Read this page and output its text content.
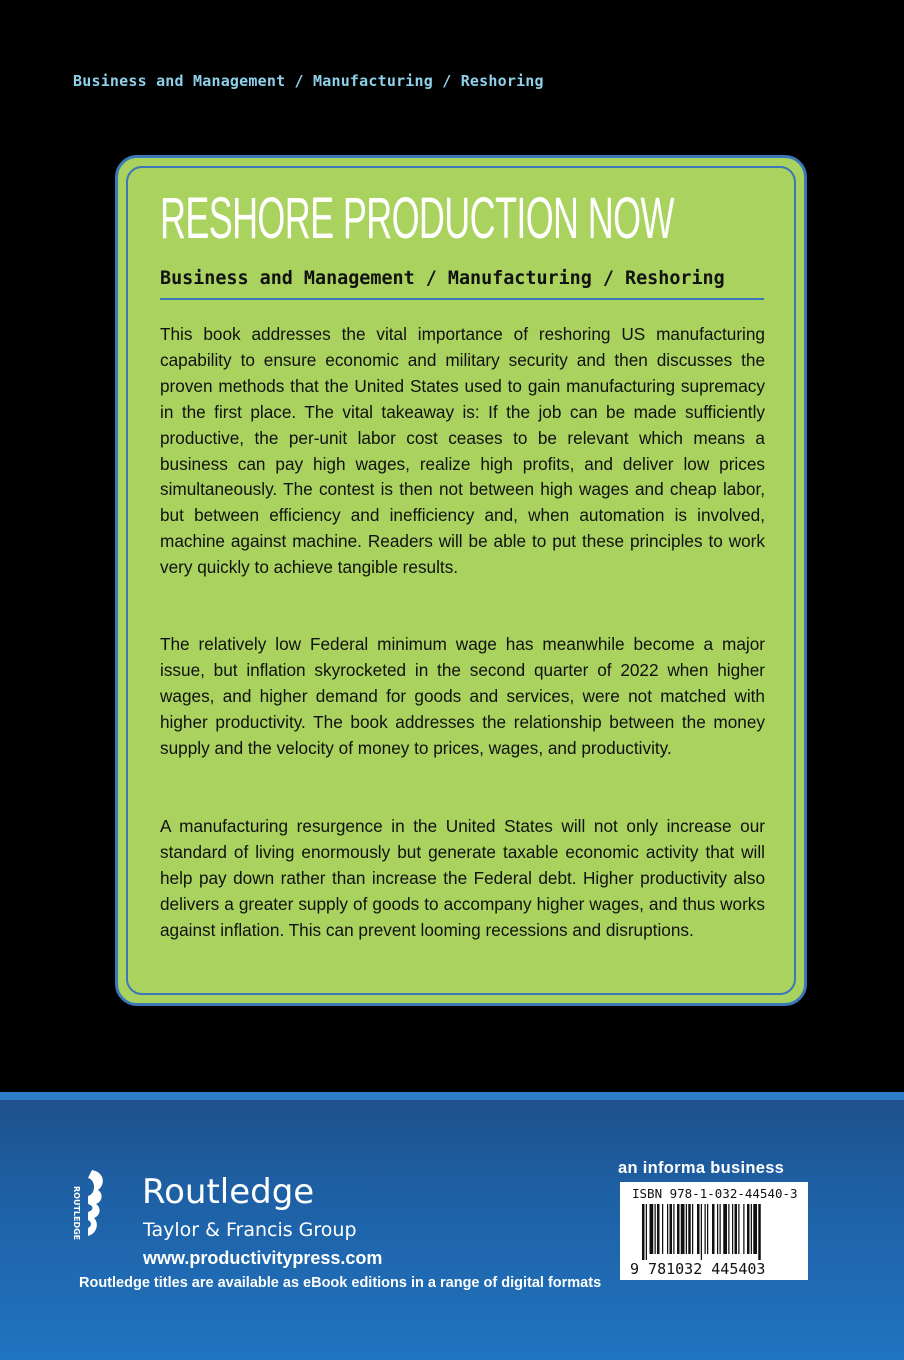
Business and Management / Manufacturing / Reshoring
RESHORE PRODUCTION NOW
Business and Management / Manufacturing / Reshoring

This book addresses the vital importance of reshoring US manufacturing capability to ensure economic and military security and then discusses the proven methods that the United States used to gain manufacturing supremacy in the first place. The vital takeaway is: If the job can be made sufficiently productive, the per-unit labor cost ceases to be relevant which means a business can pay high wages, realize high profits, and deliver low prices simultaneously. The contest is then not between high wages and cheap labor, but between efficiency and inefficiency and, when automation is involved, machine against machine. Readers will be able to put these principles to work very quickly to achieve tangible results.

The relatively low Federal minimum wage has meanwhile become a major issue, but inflation skyrocketed in the second quarter of 2022 when higher wages, and higher demand for goods and services, were not matched with higher productivity. The book addresses the relationship between the money supply and the velocity of money to prices, wages, and productivity.

A manufacturing resurgence in the United States will not only increase our standard of living enormously but generate taxable economic activity that will help pay down rather than increase the Federal debt. Higher productivity also delivers a greater supply of goods to accompany higher wages, and thus works against inflation. This can prevent looming recessions and disruptions.

ROUTLEDGE Routledge
Taylor & Francis Group
www.productivitypress.com
Routledge titles are available as eBook editions in a range of digital formats
an informa business
ISBN 978-1-032-44540-3
9 781032 445403
